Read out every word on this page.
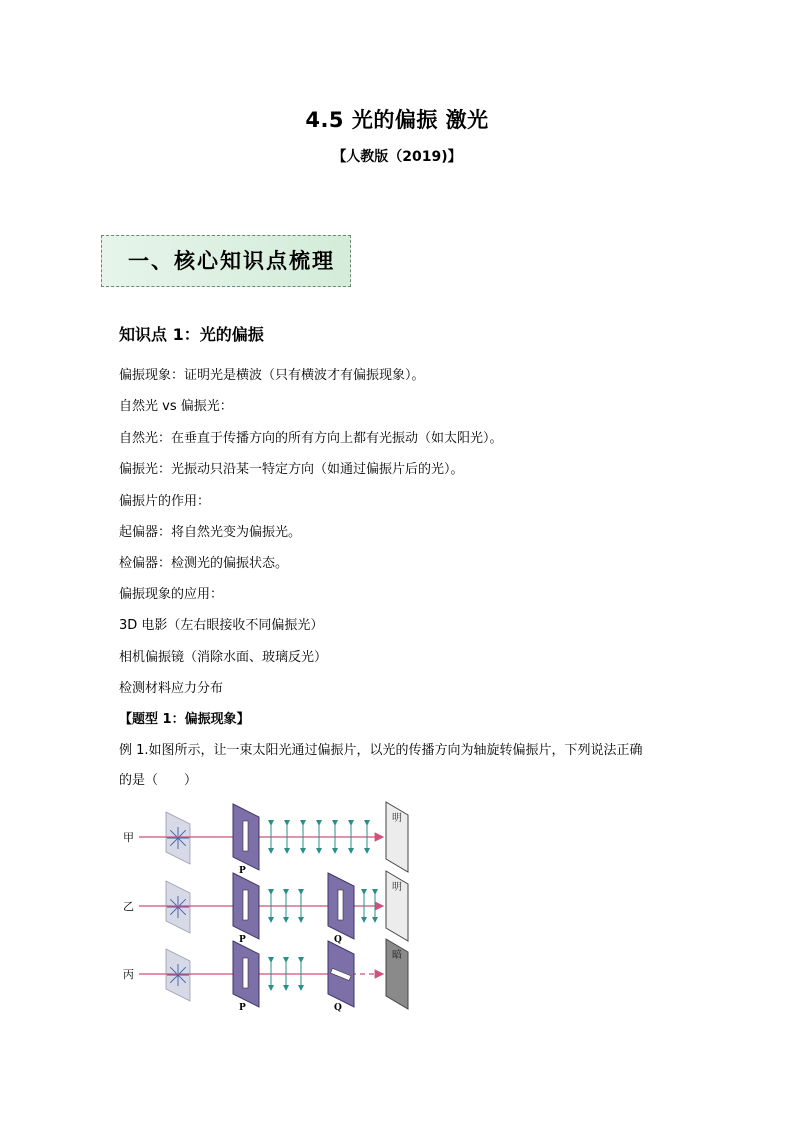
4.5 光的偏振 激光
【人教版（2019)】
一、核心知识点梳理
知识点 1：光的偏振
偏振现象：证明光是横波（只有横波才有偏振现象）。
自然光 vs 偏振光：
自然光：在垂直于传播方向的所有方向上都有光振动（如太阳光）。
偏振光：光振动只沿某一特定方向（如通过偏振片后的光）。
偏振片的作用：
起偏器：将自然光变为偏振光。
检偏器：检测光的偏振状态。
偏振现象的应用：
3D 电影（左右眼接收不同偏振光）
相机偏振镜（消除水面、玻璃反光）
检测材料应力分布
【题型 1：偏振现象】
例 1.如图所示，让一束太阳光通过偏振片，以光的传播方向为轴旋转偏振片，下列说法正确
的是（　　）
甲
P
明
乙
P	Q
明
丙
P	Q
暗
